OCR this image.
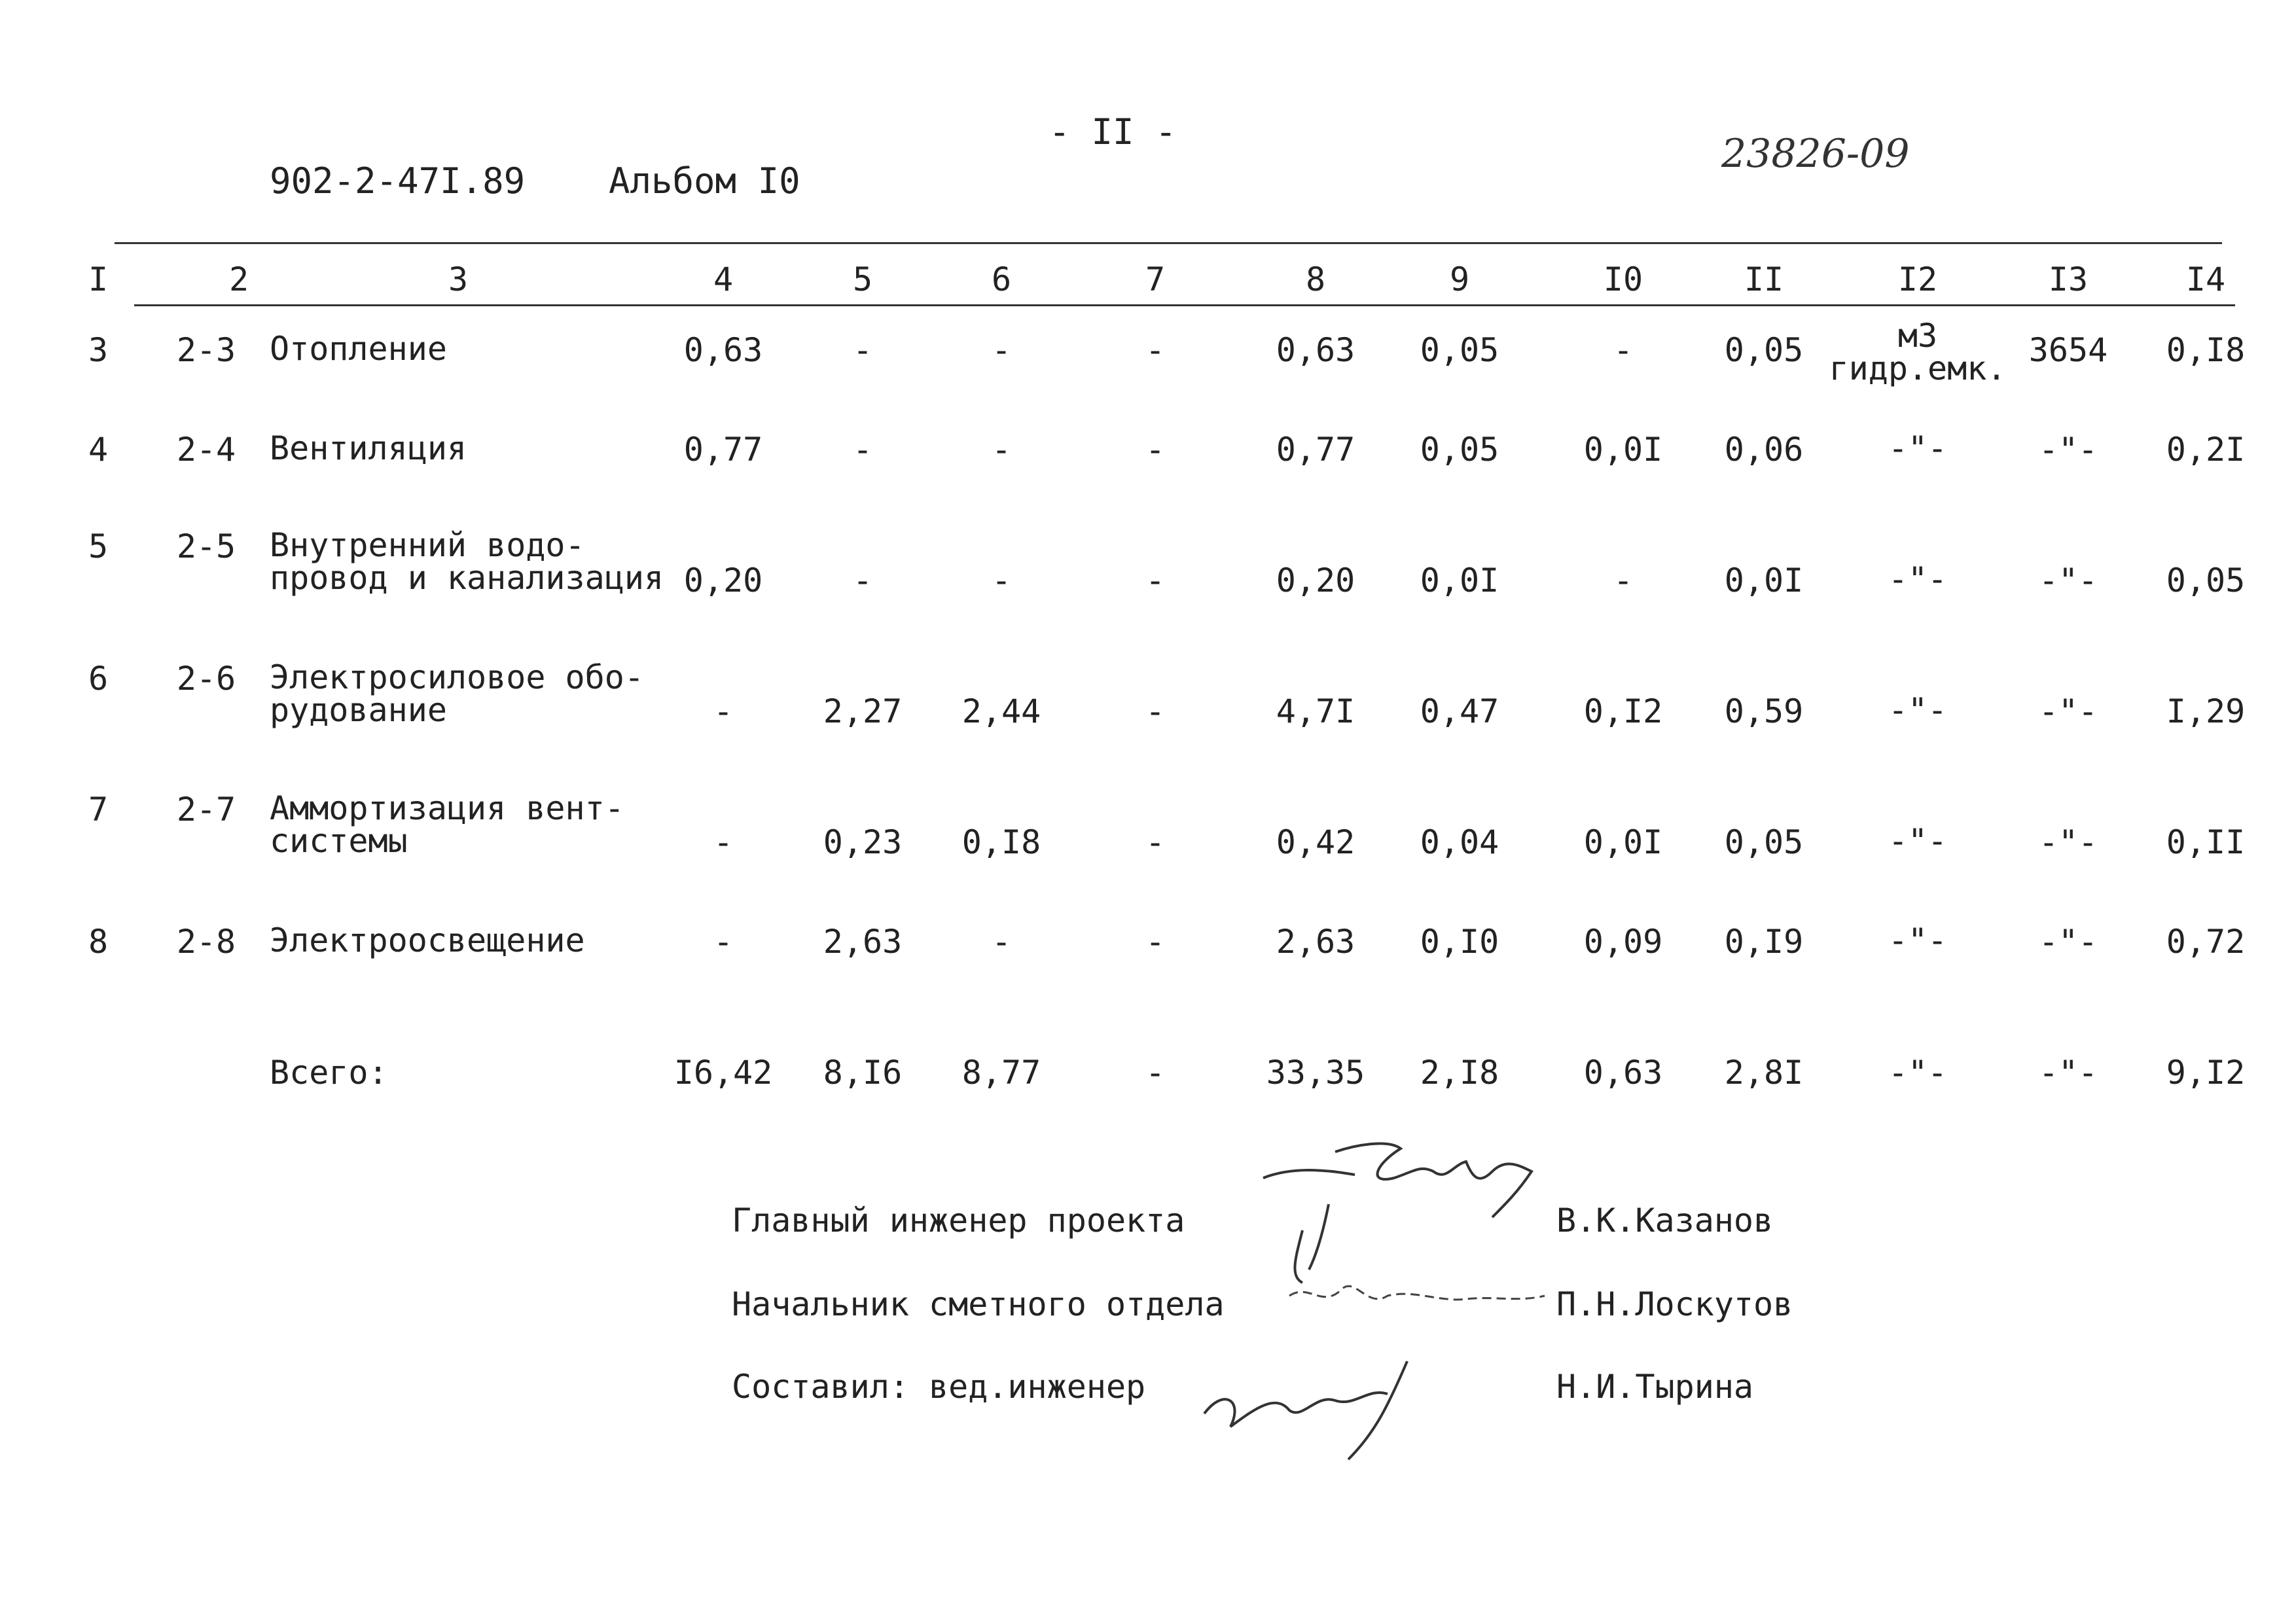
- II -
902-2-47I.89 Альбом I0
23826-09
I	2	3	4	5	6	7	8	9	I0	II	I2	I3	I4
3 2-3 Отопление	0,63	-	-	-	0,63 0,05	-	0,05	м3
гидр.емк. 3654 0,I8
4 2-4 Вентиляция	0,77	-	-	-	0,77 0,05	0,0I 0,06	-"-	-"- 0,2I
5 2-5 Внутренний водо-
провод и канализация 0,20	-	-	-	0,20 0,0I	-	0,0I	-"-	-"- 0,05
6 2-6 Электросиловое обо-
рудование	-	2,27 2,44	-	4,7I 0,47	0,I2 0,59	-"-	-"- I,29
7 2-7 Аммортизация вент-
системы	-	0,23 0,I8	-	0,42 0,04	0,0I 0,05	-"-	-"- 0,II
8 2-8 Электроосвещение	-	2,63	-	-	2,63 0,I0	0,09 0,I9	-"-	-"- 0,72
Всего:	I6,42 8,I6 8,77	-	33,35 2,I8	0,63 2,8I	-"-	-"- 9,I2
Главный инженер проекта	В.К.Казанов
Начальник сметного отдела	П.Н.Лоскутов
Составил: вед.инженер	Н.И.Тырина
